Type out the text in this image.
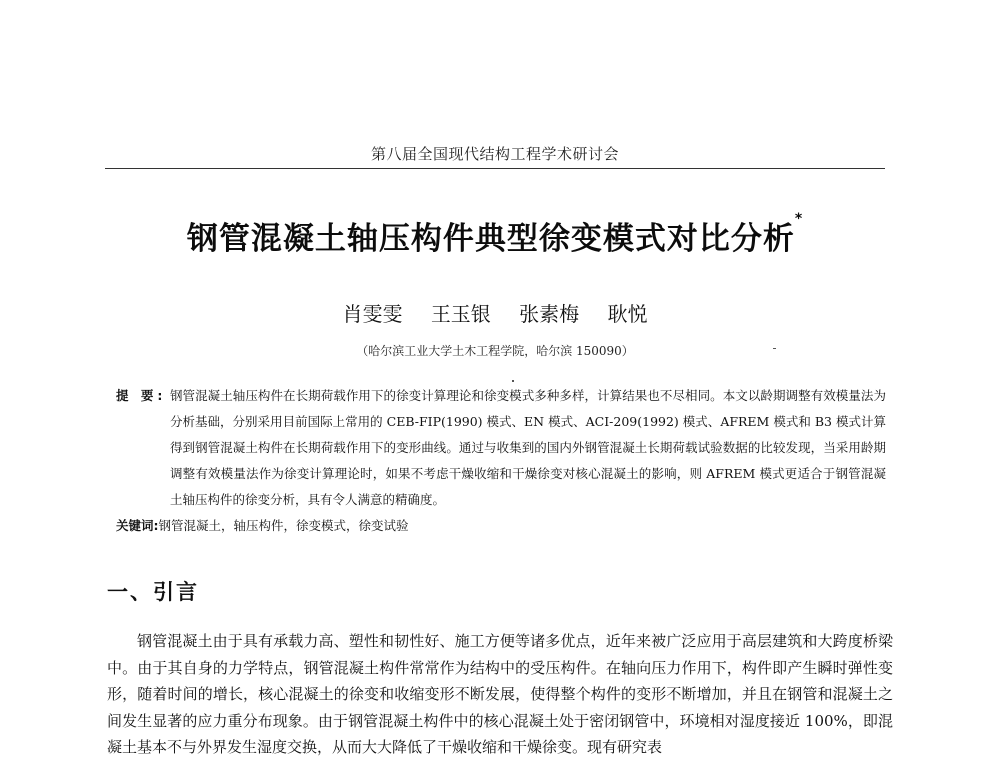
第八届全国现代结构工程学术研讨会
钢管混凝土轴压构件典型徐变模式对比分析*
肖雯雯 王玉银 张素梅 耿悦
（哈尔滨工业大学土木工程学院，哈尔滨 150090）
提 要: 钢管混凝土轴压构件在长期荷载作用下的徐变计算理论和徐变模式多种多样，计算结果也不尽相同。本文以龄期调整有效模量法为分析基础，分别采用目前国际上常用的 CEB-FIP(1990) 模式、EN 模式、ACI-209(1992) 模式、AFREM 模式和 B3 模式计算得到钢管混凝土构件在长期荷载作用下的变形曲线。通过与收集到的国内外钢管混凝土长期荷载试验数据的比较发现，当采用龄期调整有效模量法作为徐变计算理论时，如果不考虑干燥收缩和干燥徐变对核心混凝土的影响，则 AFREM 模式更适合于钢管混凝土轴压构件的徐变分析，具有令人满意的精确度。
关键词:钢管混凝土，轴压构件，徐变模式，徐变试验
一、引言
钢管混凝土由于具有承载力高、塑性和韧性好、施工方便等诸多优点，近年来被广泛应用于高层建筑和大跨度桥梁中。由于其自身的力学特点，钢管混凝土构件常常作为结构中的受压构件。在轴向压力作用下，构件即产生瞬时弹性变形，随着时间的增长，核心混凝土的徐变和收缩变形不断发展，使得整个构件的变形不断增加，并且在钢管和混凝土之间发生显著的应力重分布现象。由于钢管混凝土构件中的核心混凝土处于密闭钢管中，环境相对湿度接近 100%，即混凝土基本不与外界发生湿度交换，从而大大降低了干燥收缩和干燥徐变。现有研究表
